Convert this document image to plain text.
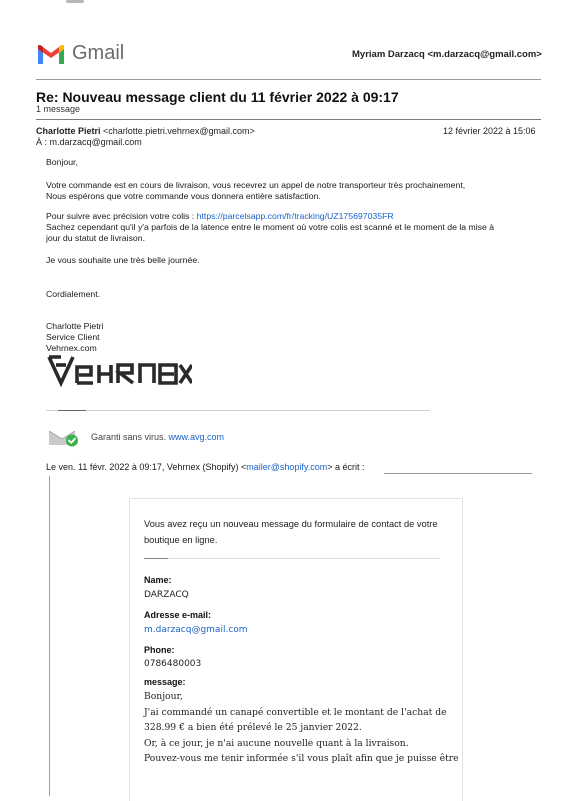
Gmail	Myriam Darzacq <m.darzacq@gmail.com>
Re: Nouveau message client du 11 février 2022 à 09:17
1 message
Charlotte Pietri <charlotte.pietri.vehrnex@gmail.com>	12 février 2022 à 15:06
À : m.darzacq@gmail.com
Bonjour,
Votre commande est en cours de livraison, vous recevrez un appel de notre transporteur très prochainement,
Nous espérons que votre commande vous donnera entière satisfaction.
Pour suivre avec précision votre colis : https://parcelsapp.com/fr/tracking/UZ175697035FR
Sachez cependant qu'il y'a parfois de la latence entre le moment où votre colis est scanné et le moment de la mise à
jour du statut de livraison.
Je vous souhaite une très belle journée.
Cordialement.
Charlotte Pietri
Service Client
Vehrnex.com
Garanti sans virus. www.avg.com
Le ven. 11 févr. 2022 à 09:17, Vehrnex (Shopify) <mailer@shopify.com> a écrit :
Vous avez reçu un nouveau message du formulaire de contact de votre boutique en ligne.
Name:
DARZACQ
Adresse e-mail:
m.darzacq@gmail.com
Phone:
0786480003
message:
Bonjour,
J'ai commandé un canapé convertible et le montant de l'achat de
328.99 € a bien été prélevé le 25 janvier 2022.
Or, à ce jour, je n'ai aucune nouvelle quant à la livraison.
Pouvez-vous me tenir informée s'il vous plaît afin que je puisse être
